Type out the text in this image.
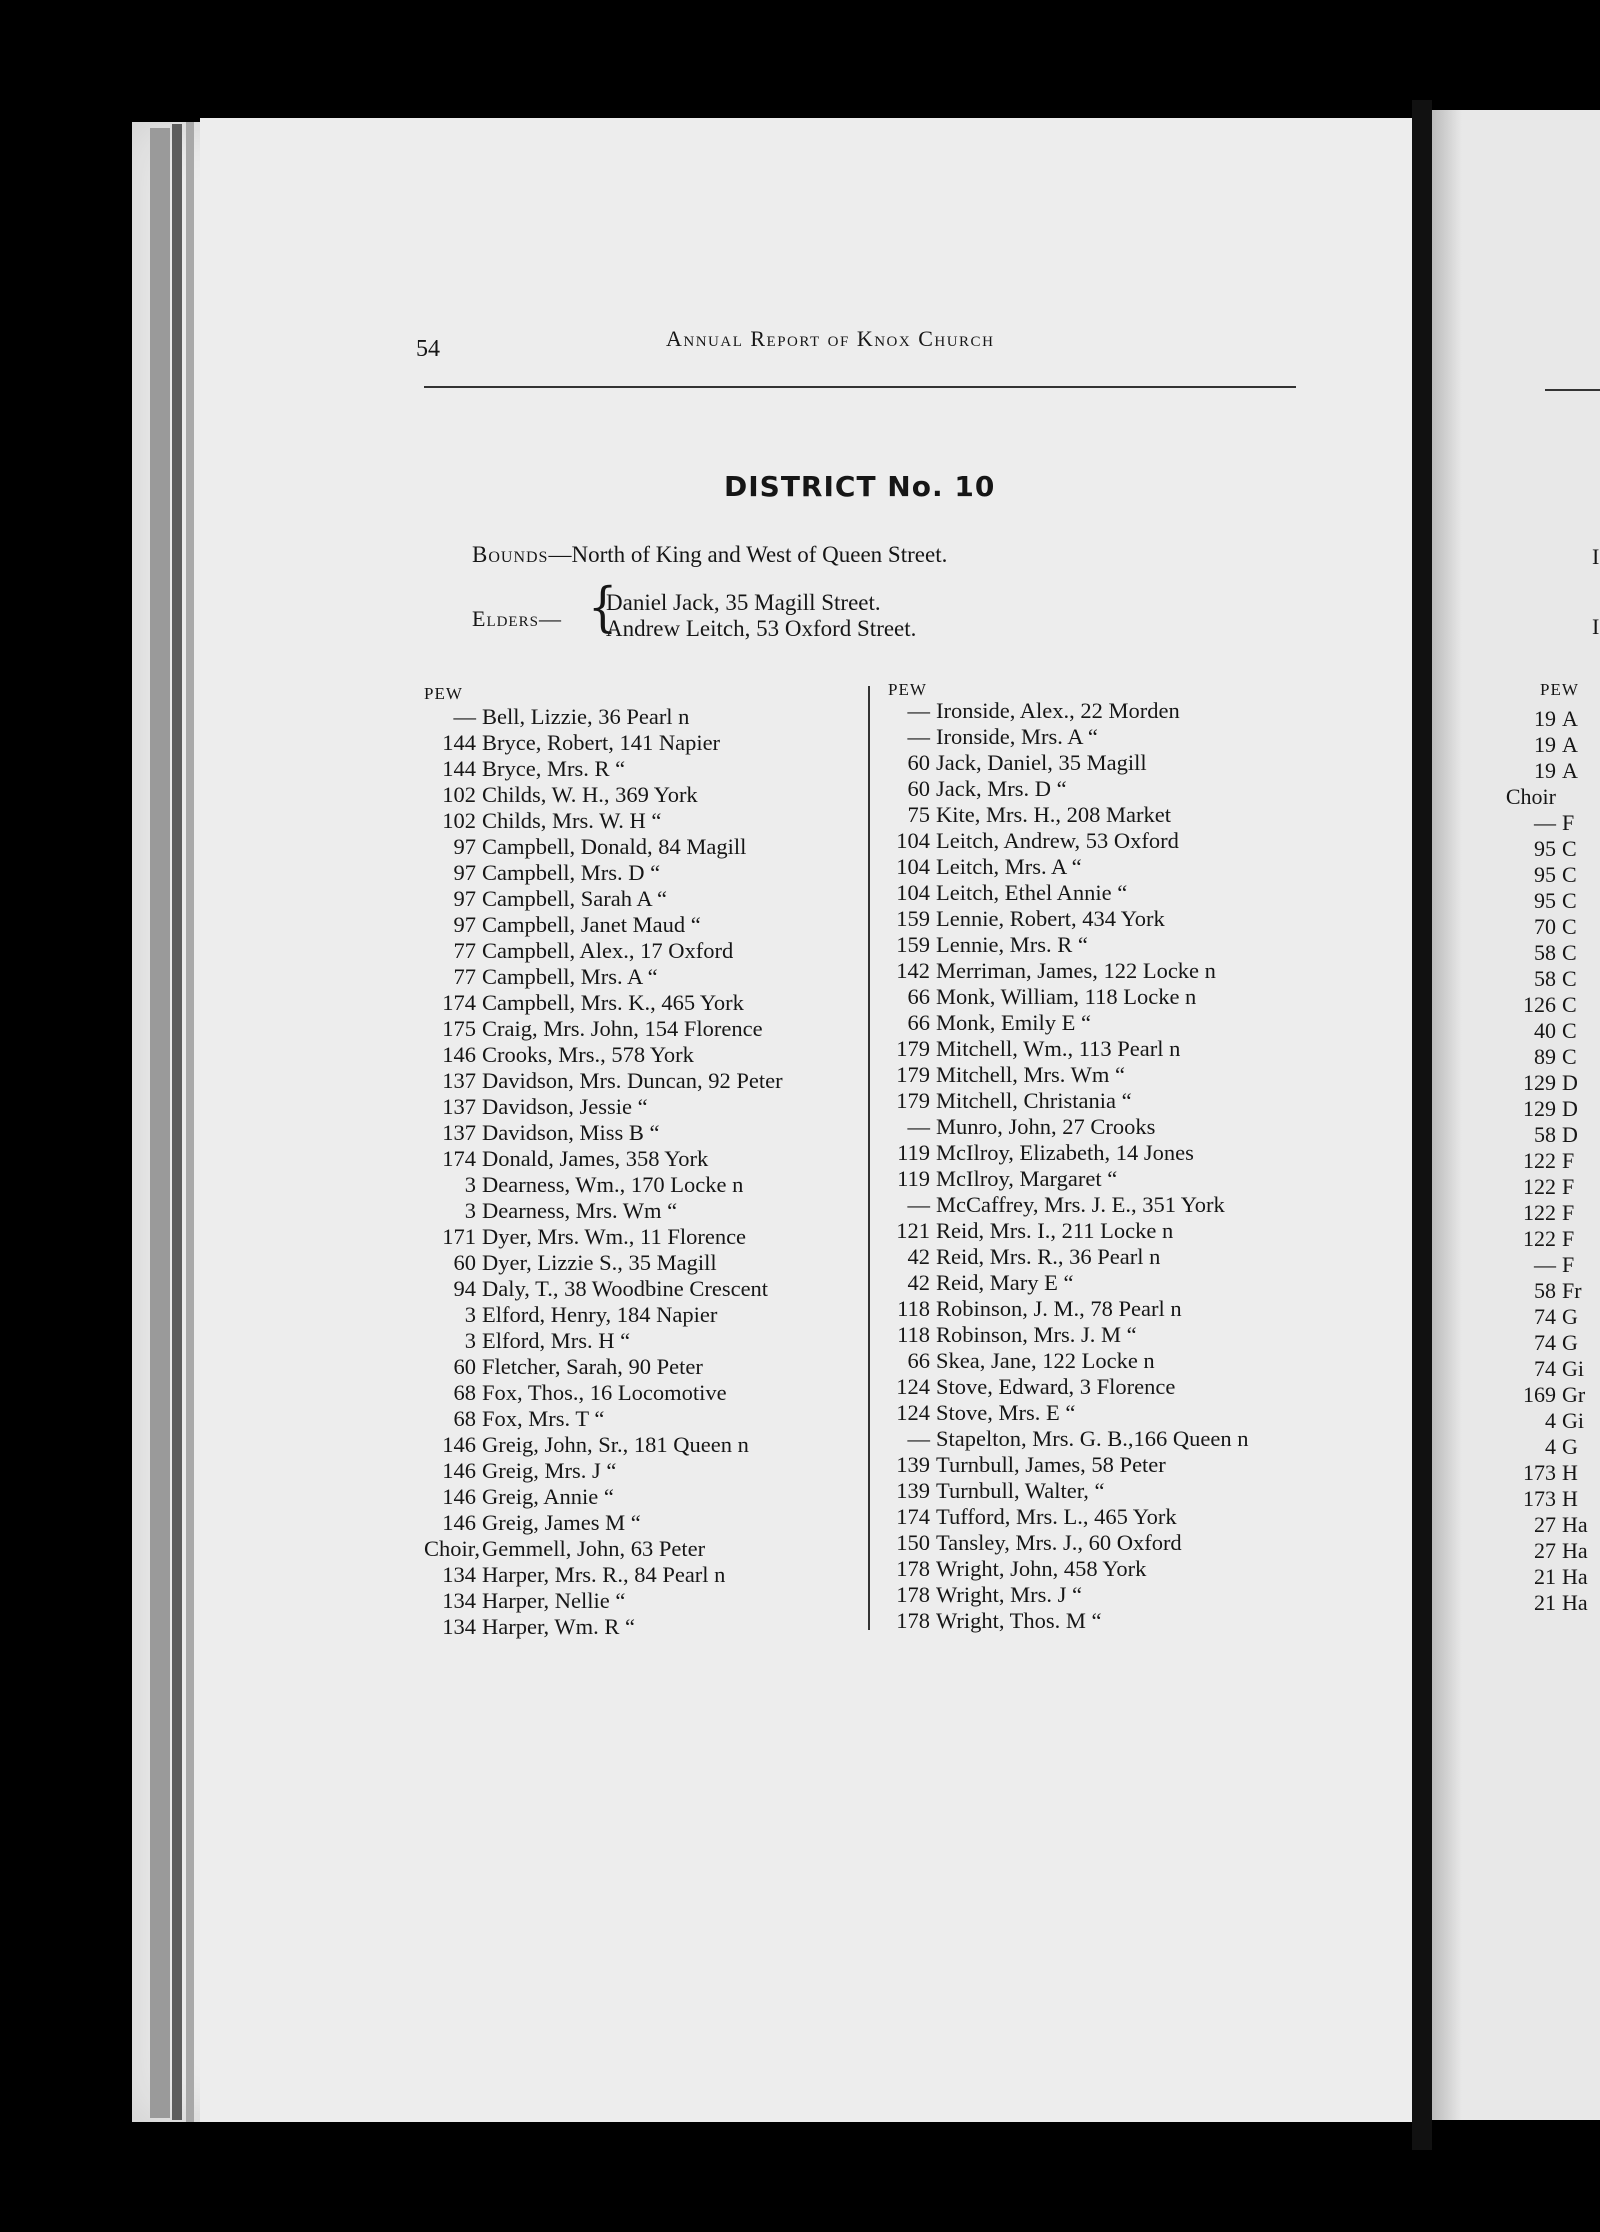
I
I
PEW
19 A
19 A
19 A
Choir
— F
95 C
95 C
95 C
70 C
58 C
58 C
126 C
40 C
89 C
129 D
129 D
58 D
122 F
122 F
122 F
122 F
— F
58 Fr
74 G
74 G
74 Gi
169 Gr
4 Gi
4 G
173 H
173 H
27 Ha
27 Ha
21 Ha
21 Ha
54	Annual Report of Knox Church
DISTRICT No. 10
Bounds—North of King and West of Queen Street.
Elders— {
Daniel Jack, 35 Magill Street.
Andrew Leitch, 53 Oxford Street.
PEW	PEW
— Bell, Lizzie, 36 Pearl n
144 Bryce, Robert, 141 Napier
144 Bryce, Mrs. R “
102 Childs, W. H., 369 York
102 Childs, Mrs. W. H “
97 Campbell, Donald, 84 Magill
97 Campbell, Mrs. D “
97 Campbell, Sarah A “
97 Campbell, Janet Maud “
77 Campbell, Alex., 17 Oxford
77 Campbell, Mrs. A “
174 Campbell, Mrs. K., 465 York
175 Craig, Mrs. John, 154 Florence
146 Crooks, Mrs., 578 York
137 Davidson, Mrs. Duncan, 92 Peter
137 Davidson, Jessie “
137 Davidson, Miss B “
174 Donald, James, 358 York
3 Dearness, Wm., 170 Locke n
3 Dearness, Mrs. Wm “
171 Dyer, Mrs. Wm., 11 Florence
60 Dyer, Lizzie S., 35 Magill
94 Daly, T., 38 Woodbine Crescent
3 Elford, Henry, 184 Napier
3 Elford, Mrs. H “
60 Fletcher, Sarah, 90 Peter
68 Fox, Thos., 16 Locomotive
68 Fox, Mrs. T “
146 Greig, John, Sr., 181 Queen n
146 Greig, Mrs. J “
146 Greig, Annie “
146 Greig, James M “
Choir, Gemmell, John, 63 Peter
134 Harper, Mrs. R., 84 Pearl n
134 Harper, Nellie “
134 Harper, Wm. R “
— Ironside, Alex., 22 Morden
— Ironside, Mrs. A “
60 Jack, Daniel, 35 Magill
60 Jack, Mrs. D “
75 Kite, Mrs. H., 208 Market
104 Leitch, Andrew, 53 Oxford
104 Leitch, Mrs. A “
104 Leitch, Ethel Annie “
159 Lennie, Robert, 434 York
159 Lennie, Mrs. R “
142 Merriman, James, 122 Locke n
66 Monk, William, 118 Locke n
66 Monk, Emily E “
179 Mitchell, Wm., 113 Pearl n
179 Mitchell, Mrs. Wm “
179 Mitchell, Christania “
— Munro, John, 27 Crooks
119 McIlroy, Elizabeth, 14 Jones
119 McIlroy, Margaret “
— McCaffrey, Mrs. J. E., 351 York
121 Reid, Mrs. I., 211 Locke n
42 Reid, Mrs. R., 36 Pearl n
42 Reid, Mary E “
118 Robinson, J. M., 78 Pearl n
118 Robinson, Mrs. J. M “
66 Skea, Jane, 122 Locke n
124 Stove, Edward, 3 Florence
124 Stove, Mrs. E “
— Stapelton, Mrs. G. B.,166 Queen n
139 Turnbull, James, 58 Peter
139 Turnbull, Walter, “
174 Tufford, Mrs. L., 465 York
150 Tansley, Mrs. J., 60 Oxford
178 Wright, John, 458 York
178 Wright, Mrs. J “
178 Wright, Thos. M “
